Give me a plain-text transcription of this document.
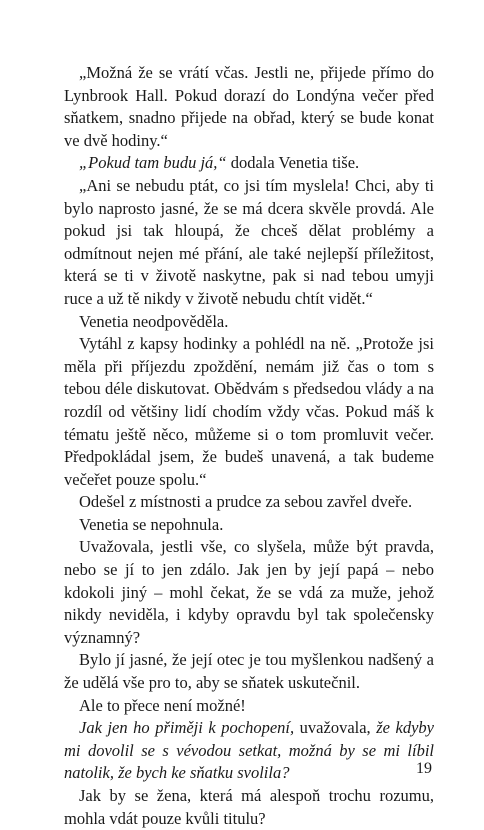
„Možná že se vrátí včas. Jestli ne, přijede přímo do Lynbrook Hall. Pokud dorazí do Londýna večer před sňatkem, snadno přijede na obřad, který se bude konat ve dvě hodiny.“

„Pokud tam budu já,“ dodala Venetia tiše.

„Ani se nebudu ptát, co jsi tím myslela! Chci, aby ti bylo naprosto jasné, že se má dcera skvěle provdá. Ale pokud jsi tak hloupá, že chceš dělat problémy a odmítnout nejen mé přání, ale také nejlepší příležitost, která se ti v životě naskytne, pak si nad tebou umyji ruce a už tě nikdy v životě nebudu chtít vidět.“

Venetia neodpověděla.

Vytáhl z kapsy hodinky a pohlédl na ně. „Protože jsi měla při příjezdu zpoždění, nemám již čas o tom s tebou déle diskutovat. Obědvám s předsedou vlády a na rozdíl od většiny lidí chodím vždy včas. Pokud máš k tématu ještě něco, můžeme si o tom promluvit večer. Předpokládal jsem, že budeš unavená, a tak budeme večeřet pouze spolu.“

Odešel z místnosti a prudce za sebou zavřel dveře.

Venetia se nepohnula.

Uvažovala, jestli vše, co slyšela, může být pravda, nebo se jí to jen zdálo. Jak jen by její papá – nebo kdokoli jiný – mohl čekat, že se vdá za muže, jehož nikdy neviděla, i kdyby opravdu byl tak společensky významný?

Bylo jí jasné, že její otec je tou myšlenkou nadšený a že udělá vše pro to, aby se sňatek uskutečnil.

Ale to přece není možné!

Jak jen ho přiměji k pochopení, uvažovala, že kdyby mi dovolil se s vévodou setkat, možná by se mi líbil natolik, že bych ke sňatku svolila?

Jak by se žena, která má alespoň trochu rozumu, mohla vdát pouze kvůli titulu?

19
